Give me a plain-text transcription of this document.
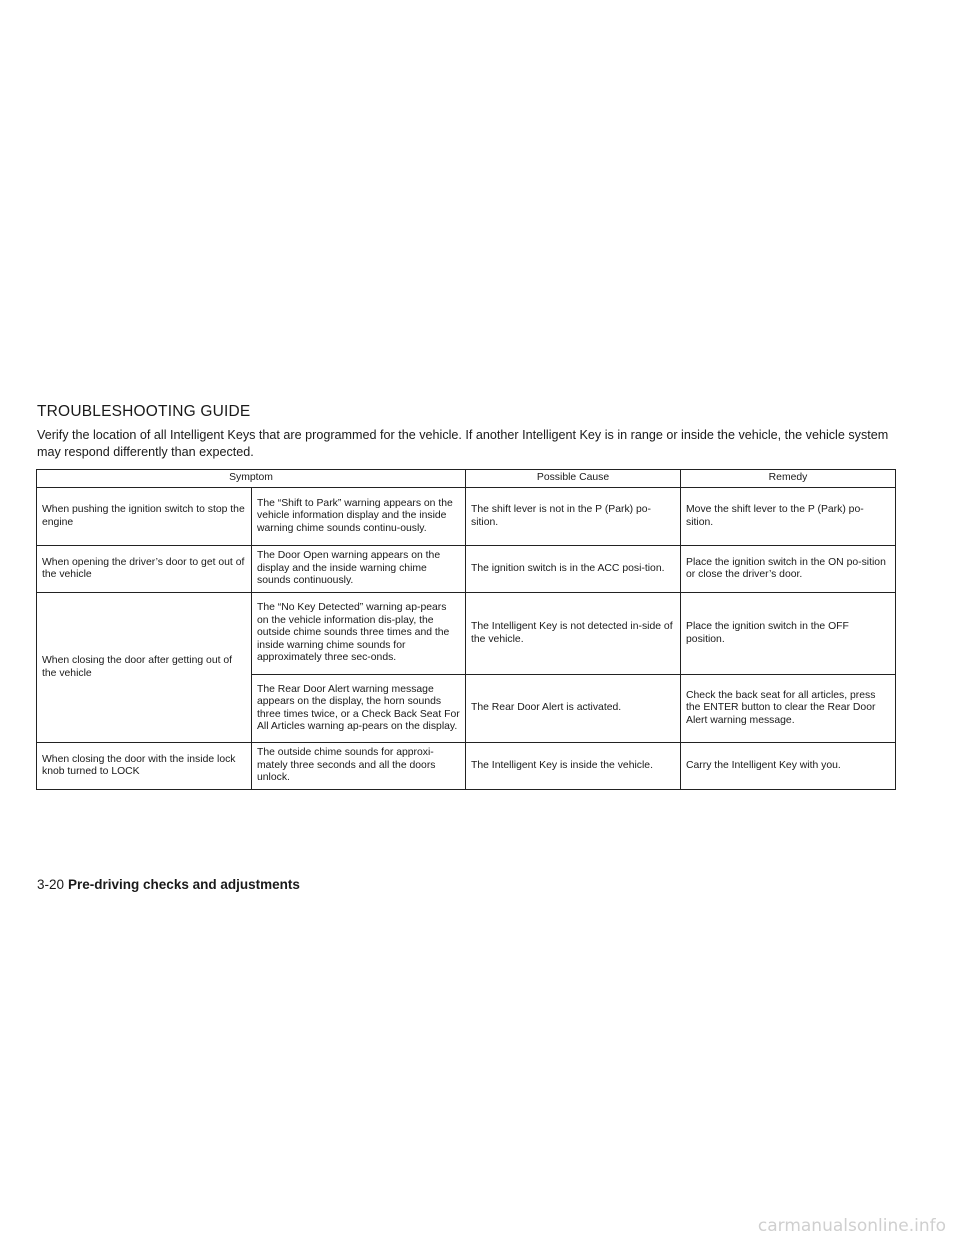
TROUBLESHOOTING GUIDE

Verify the location of all Intelligent Keys that are programmed for the vehicle. If another Intelligent Key is in range or inside the vehicle, the vehicle system may respond differently than expected.

Symptom		Possible Cause	Remedy
When pushing the ignition switch to stop the engine	The “Shift to Park” warning appears on the vehicle information display and the inside warning chime sounds continu-ously.	The shift lever is not in the P (Park) po-sition.	Move the shift lever to the P (Park) po-sition.
When opening the driver’s door to get out of the vehicle	The Door Open warning appears on the display and the inside warning chime sounds continuously.	The ignition switch is in the ACC posi-tion.	Place the ignition switch in the ON po-sition or close the driver’s door.
When closing the door after getting out of the vehicle	The “No Key Detected” warning ap-pears on the vehicle information dis-play, the outside chime sounds three times and the inside warning chime sounds for approximately three sec-onds.	The Intelligent Key is not detected in-side of the vehicle.	Place the ignition switch in the OFF position.
	The Rear Door Alert warning message appears on the display, the horn sounds three times twice, or a Check Back Seat For All Articles warning ap-pears on the display.	The Rear Door Alert is activated.	Check the back seat for all articles, press the ENTER button to clear the Rear Door Alert warning message.
When closing the door with the inside lock knob turned to LOCK	The outside chime sounds for approxi-mately three seconds and all the doors unlock.	The Intelligent Key is inside the vehicle.	Carry the Intelligent Key with you.
3-20 Pre-driving checks and adjustments
carmanualsonline.info
